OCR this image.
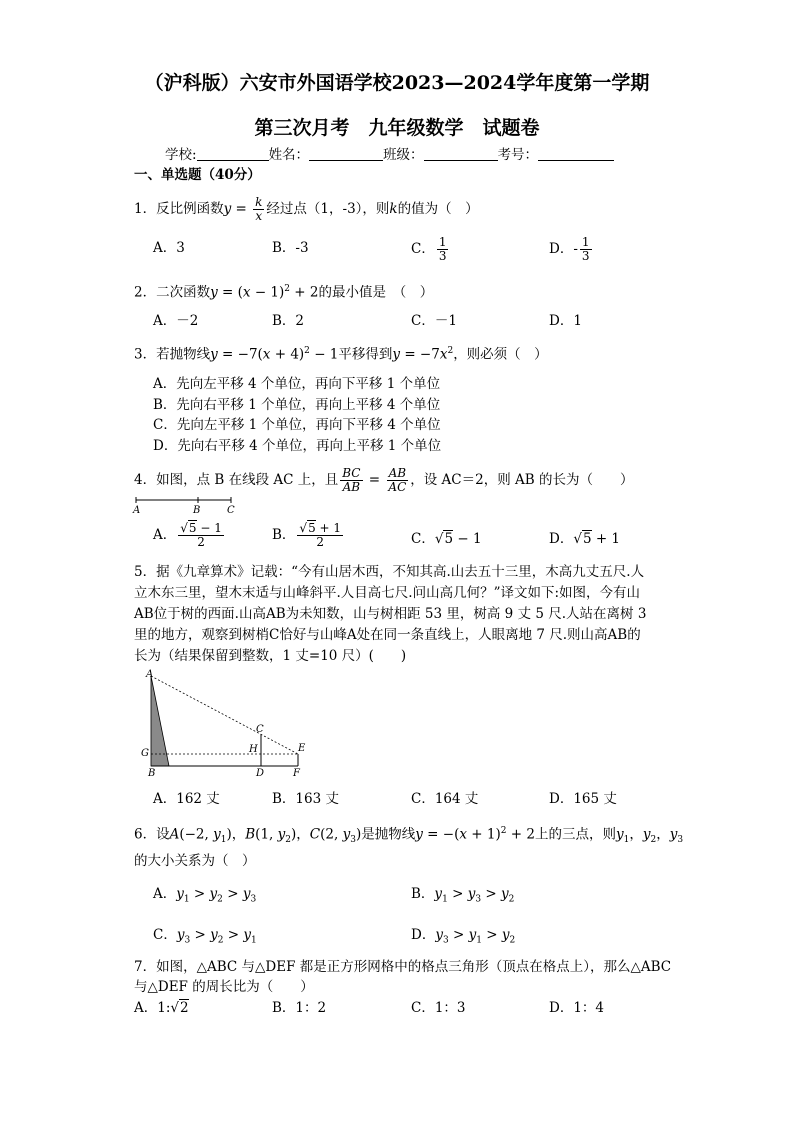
（沪科版）六安市外国语学校2023—2024学年度第一学期
第三次月考　九年级数学　试题卷
学校:	姓名：	班级：	考号：
一、单选题（40分）
1．反比例函数$y = \frac{k}{x}$ 经过点（1，-3），则k的值为（　）
A．3	B．-3	C． $\frac{1}{3}$	D．- $\frac{1}{3}$
2．二次函数$y = (x - 1)^2 + 2$的最小值是　（　）
A．－2	B．2	C．－1	D．1
3．若抛物线$y = -7(x + 4)^2 - 1$平移得到$y = -7x^2$，则必须（　）
A．先向左平移 4 个单位，再向下平移 1 个单位
B．先向右平移 1 个单位，再向上平移 4 个单位
C．先向左平移 1 个单位，再向下平移 4 个单位
D．先向右平移 4 个单位，再向上平移 1 个单位
4．如图，点 B 在线段 AC 上，且 $\frac{BC}{AB} = \frac{AB}{AC}$ ，设 AC＝2，则 AB 的长为（　　）
A	B	C
A． $\frac{√5 - 1}{2}$	B． $\frac{√5 + 1}{2}$	C．√5 − 1	D．√5 + 1
5．据《九章算术》记载：“今有山居木西，不知其高.山去五十三里，木高九丈五尺.人
立木东三里，望木末适与山峰斜平.人目高七尺.问山高几何？”译文如下:如图，今有山
AB位于树的西面.山高AB为未知数，山与树相距 53 里，树高 9 丈 5 尺.人站在离树 3
里的地方，观察到树梢C恰好与山峰A处在同一条直线上，人眼离地 7 尺.则山高AB的
长为（结果保留到整数，1 丈=10 尺）(　　)
A
B
C
D
E
F
G	H
A．162 丈	B．163 丈	C．164 丈	D．165 丈
6．设A(−2, $y_1$)，B(1, $y_2$)，C(2, $y_3$)是抛物线$y = -(x + 1)^2 + 2$上的三点，则$y_1$，$y_2$，$y_3$
的大小关系为（　）
A．$y_1 > y_2 > y_3$	B．$y_1 > y_3 > y_2$
C．$y_3 > y_2 > y_1$	D．$y_3 > y_1 > y_2$
7．如图，△ABC 与△DEF 都是正方形网格中的格点三角形（顶点在格点上），那么△ABC
与△DEF 的周长比为（　　）
A．1:√2	B．1：2	C．1：3	D．1：4
